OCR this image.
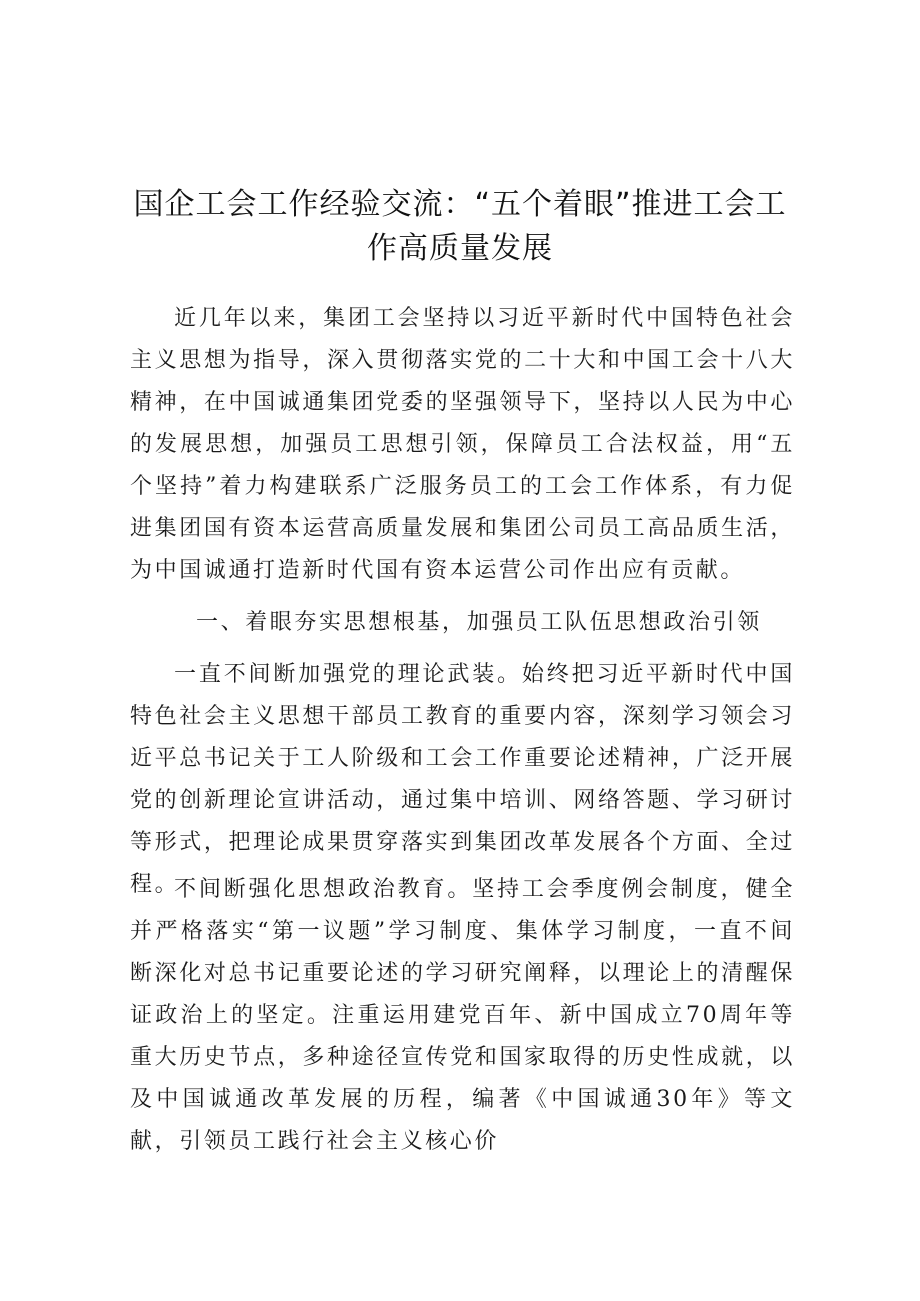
国企工会工作经验交流：“五个着眼”推进工会工作高质量发展

近几年以来，集团工会坚持以习近平新时代中国特色社会主义思想为指导，深入贯彻落实党的二十大和中国工会十八大精神，在中国诚通集团党委的坚强领导下，坚持以人民为中心的发展思想，加强员工思想引领，保障员工合法权益，用“五个坚持”着力构建联系广泛服务员工的工会工作体系，有力促进集团国有资本运营高质量发展和集团公司员工高品质生活，为中国诚通打造新时代国有资本运营公司作出应有贡献。

一、着眼夯实思想根基，加强员工队伍思想政治引领

一直不间断加强党的理论武装。始终把习近平新时代中国特色社会主义思想干部员工教育的重要内容，深刻学习领会习近平总书记关于工人阶级和工会工作重要论述精神，广泛开展党的创新理论宣讲活动，通过集中培训、网络答题、学习研讨等形式，把理论成果贯穿落实到集团改革发展各个方面、全过程。

不间断强化思想政治教育。坚持工会季度例会制度，健全并严格落实“第一议题”学习制度、集体学习制度，一直不间断深化对总书记重要论述的学习研究阐释，以理论上的清醒保证政治上的坚定。注重运用建党百年、新中国成立70周年等重大历史节点，多种途径宣传党和国家取得的历史性成就，以及中国诚通改革发展的历程，编著《中国诚通30年》等文献，引领员工践行社会主义核心价
